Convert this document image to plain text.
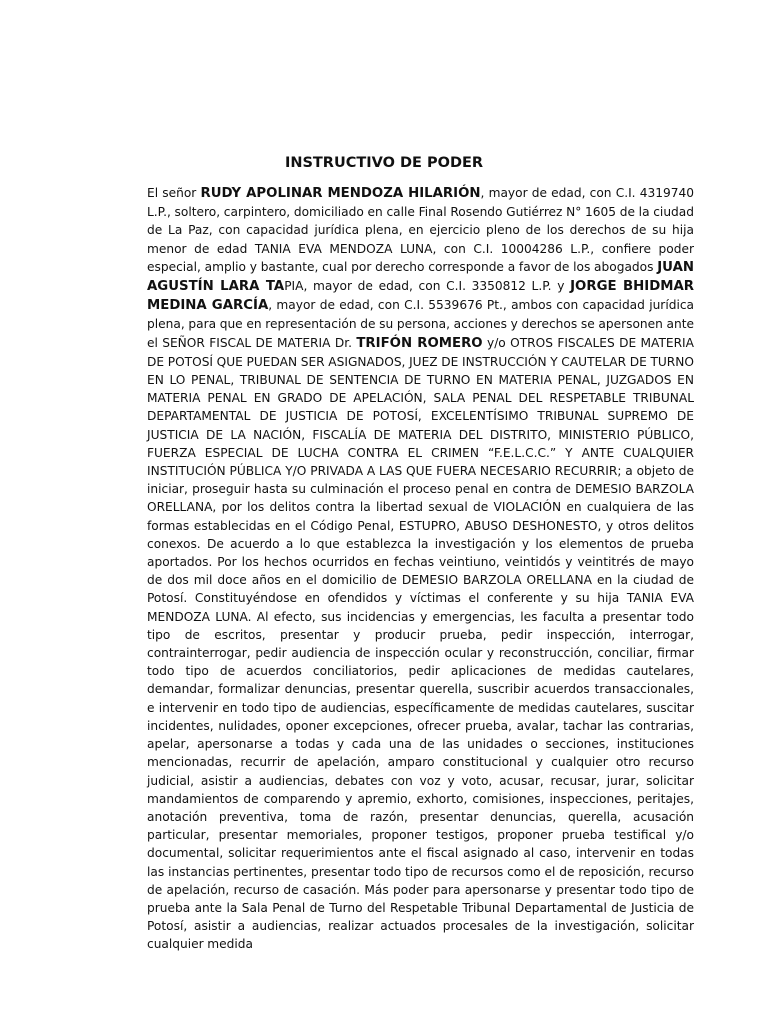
INSTRUCTIVO DE PODER
El señor RUDY APOLINAR MENDOZA HILARIÓN, mayor de edad, con C.I. 4319740 L.P., soltero, carpintero, domiciliado en calle Final Rosendo Gutiérrez N° 1605 de la ciudad de La Paz, con capacidad jurídica plena, en ejercicio pleno de los derechos de su hija menor de edad TANIA EVA MENDOZA LUNA, con C.I. 10004286 L.P., confiere poder especial, amplio y bastante, cual por derecho corresponde a favor de los abogados JUAN AGUSTÍN LARA TAPIA, mayor de edad, con C.I. 3350812 L.P. y JORGE BHIDMAR MEDINA GARCÍA, mayor de edad, con C.I. 5539676 Pt., ambos con capacidad jurídica plena, para que en representación de su persona, acciones y derechos se apersonen ante el SEÑOR FISCAL DE MATERIA Dr. TRIFÓN ROMERO y/o OTROS FISCALES DE MATERIA DE POTOSÍ QUE PUEDAN SER ASIGNADOS, JUEZ DE INSTRUCCIÓN Y CAUTELAR DE TURNO EN LO PENAL, TRIBUNAL DE SENTENCIA DE TURNO EN MATERIA PENAL, JUZGADOS EN MATERIA PENAL EN GRADO DE APELACIÓN, SALA PENAL DEL RESPETABLE TRIBUNAL DEPARTAMENTAL DE JUSTICIA DE POTOSÍ, EXCELENTÍSIMO TRIBUNAL SUPREMO DE JUSTICIA DE LA NACIÓN, FISCALÍA DE MATERIA DEL DISTRITO, MINISTERIO PÚBLICO, FUERZA ESPECIAL DE LUCHA CONTRA EL CRIMEN “F.E.L.C.C.” Y ANTE CUALQUIER INSTITUCIÓN PÚBLICA Y/O PRIVADA A LAS QUE FUERA NECESARIO RECURRIR; a objeto de iniciar, proseguir hasta su culminación el proceso penal en contra de DEMESIO BARZOLA ORELLANA, por los delitos contra la libertad sexual de VIOLACIÓN en cualquiera de las formas establecidas en el Código Penal, ESTUPRO, ABUSO DESHONESTO, y otros delitos conexos. De acuerdo a lo que establezca la investigación y los elementos de prueba aportados. Por los hechos ocurridos en fechas veintiuno, veintidós y veintitrés de mayo de dos mil doce años en el domicilio de DEMESIO BARZOLA ORELLANA en la ciudad de Potosí. Constituyéndose en ofendidos y víctimas el conferente y su hija TANIA EVA MENDOZA LUNA. Al efecto, sus incidencias y emergencias, les faculta a presentar todo tipo de escritos, presentar y producir prueba, pedir inspección, interrogar, contrainterrogar, pedir audiencia de inspección ocular y reconstrucción, conciliar, firmar todo tipo de acuerdos conciliatorios, pedir aplicaciones de medidas cautelares, demandar, formalizar denuncias, presentar querella, suscribir acuerdos transaccionales, e intervenir en todo tipo de audiencias, específicamente de medidas cautelares, suscitar incidentes, nulidades, oponer excepciones, ofrecer prueba, avalar, tachar las contrarias, apelar, apersonarse a todas y cada una de las unidades o secciones, instituciones mencionadas, recurrir de apelación, amparo constitucional y cualquier otro recurso judicial, asistir a audiencias, debates con voz y voto, acusar, recusar, jurar, solicitar mandamientos de comparendo y apremio, exhorto, comisiones, inspecciones, peritajes, anotación preventiva, toma de razón, presentar denuncias, querella, acusación particular, presentar memoriales, proponer testigos, proponer prueba testifical y/o documental, solicitar requerimientos ante el fiscal asignado al caso, intervenir en todas las instancias pertinentes, presentar todo tipo de recursos como el de reposición, recurso de apelación, recurso de casación. Más poder para apersonarse y presentar todo tipo de prueba ante la Sala Penal de Turno del Respetable Tribunal Departamental de Justicia de Potosí, asistir a audiencias, realizar actuados procesales de la investigación, solicitar cualquier medida
